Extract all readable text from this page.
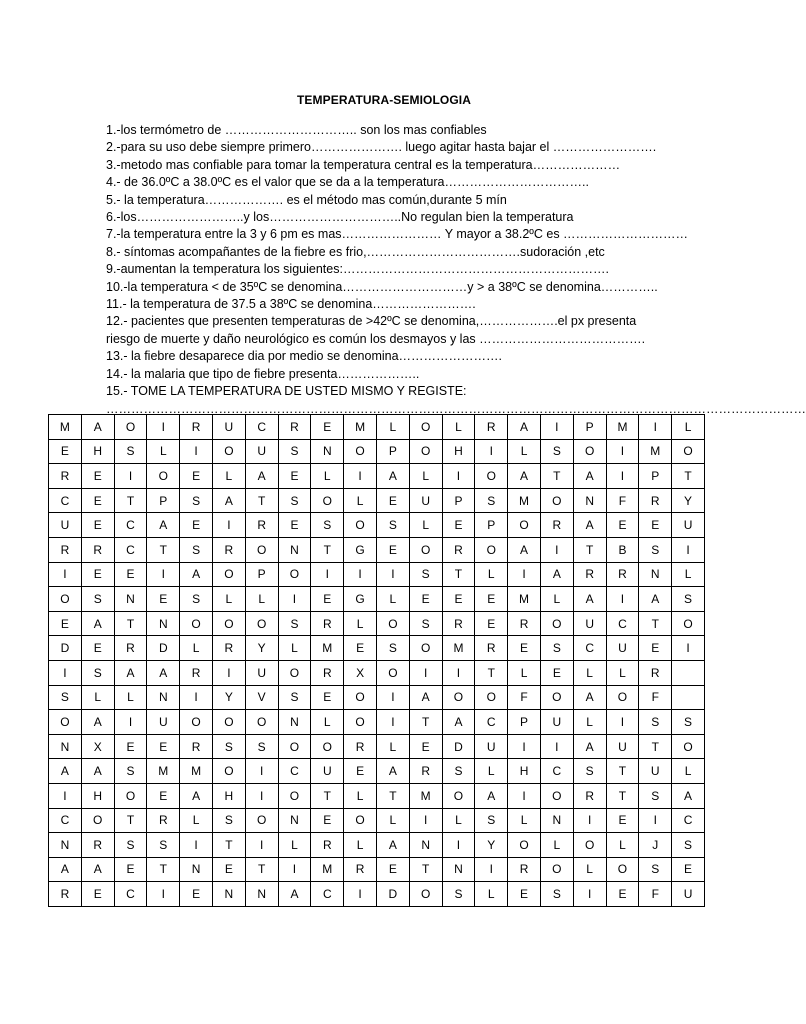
TEMPERATURA-SEMIOLOGIA
1.-los termómetro de ………………………….. son los mas confiables
2.-para su uso debe siempre primero…………………. luego agitar hasta bajar el …………………….
3.-metodo mas confiable para tomar la temperatura central es la temperatura…………………
4.- de 36.0ºC a 38.0ºC es el valor que se da a la temperatura……………………………..
5.- la temperatura………………. es el método mas común,durante 5 mín
6.-los……………………..y los…………………………..No regulan bien la temperatura
7.-la temperatura entre la 3 y 6 pm es mas…………………… Y mayor a 38.2ºC es …………………………
8.- síntomas acompañantes de la fiebre es frio,……………………………….sudoración ,etc
9.-aumentan la temperatura los siguientes:……………………………………………………….
10.-la temperatura < de 35ºC se denomina…………………………y > a 38ºC se denomina…………..
11.- la temperatura de 37.5 a 38ºC se denomina…………………….
12.- pacientes que presenten temperaturas de >42ºC se denomina,……………….el px presenta
riesgo de muerte y daño neurológico es común los desmayos y las ………………………………….
13.- la fiebre desaparece dia por medio se denomina…………………….
14.- la malaria que tipo de fiebre presenta………………..
15.- TOME LA TEMPERATURA DE USTED MISMO Y REGISTE:
……………………………………………………………………………………………………………………………………………………
M	A	O	I	R	U	C	R	E	M	L	O	L	R	A	I	P	M	I	L
E	H	S	L	I	O	U	S	N	O	P	O	H	I	L	S	O	I	M	O
R	E	I	O	E	L	A	E	L	I	A	L	I	O	A	T	A	I	P	T
C	E	T	P	S	A	T	S	O	L	E	U	P	S	M	O	N	F	R	Y
U	E	C	A	E	I	R	E	S	O	S	L	E	P	O	R	A	E	E	U
R	R	C	T	S	R	O	N	T	G	E	O	R	O	A	I	T	B	S	I
I	E	E	I	A	O	P	O	I	I	I	S	T	L	I	A	R	R	N	L
O	S	N	E	S	L	L	I	E	G	L	E	E	E	M	L	A	I	A	S
E	A	T	N	O	O	O	S	R	L	O	S	R	E	R	O	U	C	T	O
D	E	R	D	L	R	Y	L	M	E	S	O	M	R	E	S	C	U	E	I
I	S	A	A	R	I	U	O	R	X	O	I	I	T	L	E	L	L	R	
S	L	L	N	I	Y	V	S	E	O	I	A	O	O	F	O	A	O	F	
O	A	I	U	O	O	O	N	L	O	I	T	A	C	P	U	L	I	S	S
N	X	E	E	R	S	S	O	O	R	L	E	D	U	I	I	A	U	T	O
A	A	S	M	M	O	I	C	U	E	A	R	S	L	H	C	S	T	U	L
I	H	O	E	A	H	I	O	T	L	T	M	O	A	I	O	R	T	S	A
C	O	T	R	L	S	O	N	E	O	L	I	L	S	L	N	I	E	I	C
N	R	S	S	I	T	I	L	R	L	A	N	I	Y	O	L	O	L	J	S
A	A	E	T	N	E	T	I	M	R	E	T	N	I	R	O	L	O	S	E
R	E	C	I	E	N	N	A	C	I	D	O	S	L	E	S	I	E	F	U
